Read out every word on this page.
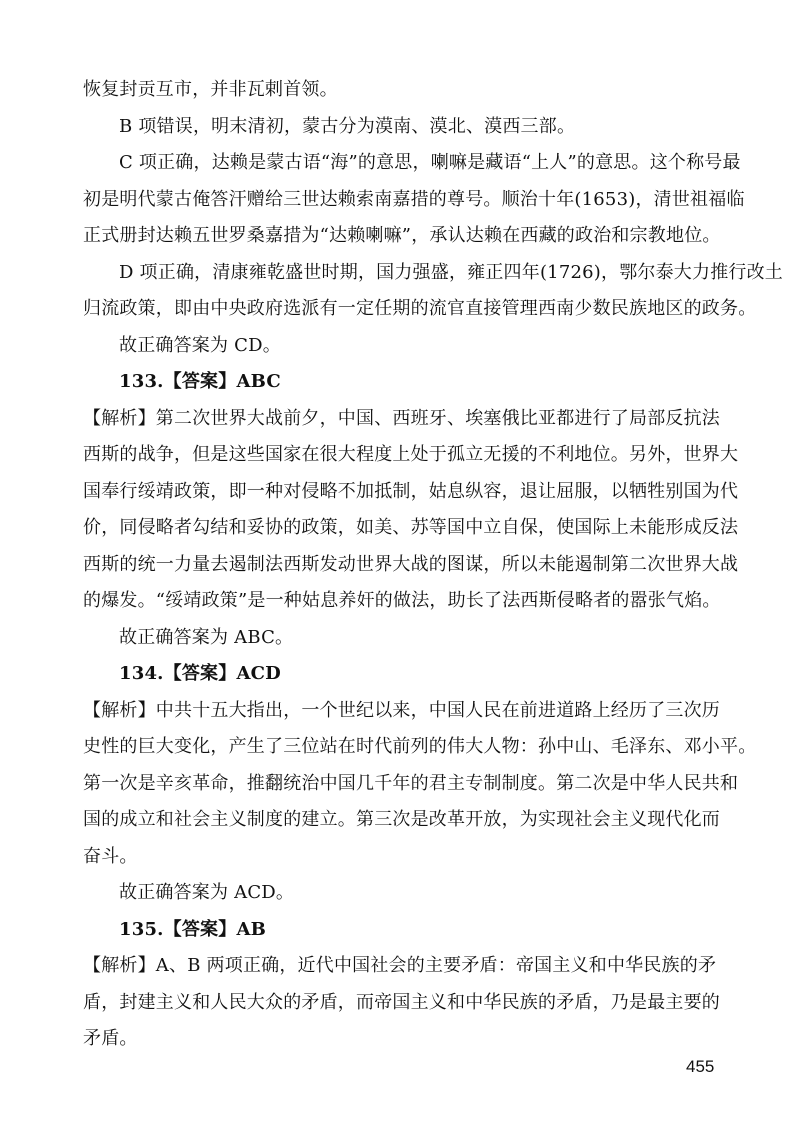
恢复封贡互市，并非瓦剌首领。
B 项错误，明末清初，蒙古分为漠南、漠北、漠西三部。
C 项正确，达赖是蒙古语“海”的意思，喇嘛是藏语“上人”的意思。这个称号最
初是明代蒙古俺答汗赠给三世达赖索南嘉措的尊号。顺治十年(1653)，清世祖福临
正式册封达赖五世罗桑嘉措为“达赖喇嘛”，承认达赖在西藏的政治和宗教地位。
D 项正确，清康雍乾盛世时期，国力强盛，雍正四年(1726)，鄂尔泰大力推行改土
归流政策，即由中央政府选派有一定任期的流官直接管理西南少数民族地区的政务。
故正确答案为 CD。
133.【答案】ABC
【解析】第二次世界大战前夕，中国、西班牙、埃塞俄比亚都进行了局部反抗法
西斯的战争，但是这些国家在很大程度上处于孤立无援的不利地位。另外，世界大
国奉行绥靖政策，即一种对侵略不加抵制，姑息纵容，退让屈服，以牺牲别国为代
价，同侵略者勾结和妥协的政策，如美、苏等国中立自保，使国际上未能形成反法
西斯的统一力量去遏制法西斯发动世界大战的图谋，所以未能遏制第二次世界大战
的爆发。“绥靖政策”是一种姑息养奸的做法，助长了法西斯侵略者的嚣张气焰。
故正确答案为 ABC。
134.【答案】ACD
【解析】中共十五大指出，一个世纪以来，中国人民在前进道路上经历了三次历
史性的巨大变化，产生了三位站在时代前列的伟大人物：孙中山、毛泽东、邓小平。
第一次是辛亥革命，推翻统治中国几千年的君主专制制度。第二次是中华人民共和
国的成立和社会主义制度的建立。第三次是改革开放，为实现社会主义现代化而
奋斗。
故正确答案为 ACD。
135.【答案】AB
【解析】A、B 两项正确，近代中国社会的主要矛盾：帝国主义和中华民族的矛
盾，封建主义和人民大众的矛盾，而帝国主义和中华民族的矛盾，乃是最主要的
矛盾。
455
